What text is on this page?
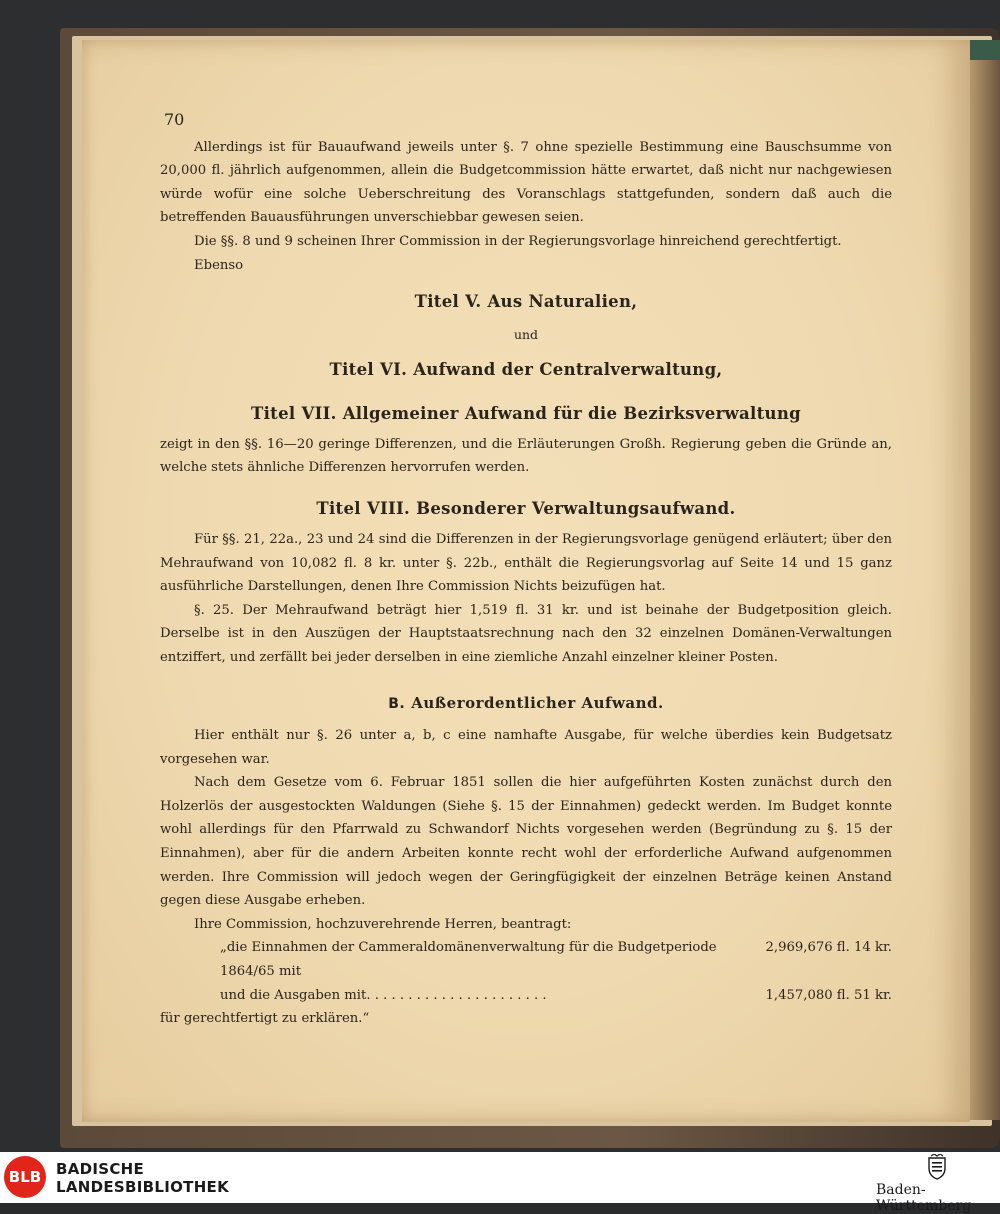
70

Allerdings ist für Bauaufwand jeweils unter §. 7 ohne spezielle Bestimmung eine Bauschsumme von 20,000 fl. jährlich aufgenommen, allein die Budgetcommission hätte erwartet, daß nicht nur nachgewiesen würde wofür eine solche Ueberschreitung des Voranschlags stattgefunden, sondern daß auch die betreffenden Bauausführungen unverschiebbar gewesen seien.

Die §§. 8 und 9 scheinen Ihrer Commission in der Regierungsvorlage hinreichend gerechtfertigt.

Ebenso

Titel V. Aus Naturalien,
und
Titel VI. Aufwand der Centralverwaltung,
Titel VII. Allgemeiner Aufwand für die Bezirksverwaltung

zeigt in den §§. 16—20 geringe Differenzen, und die Erläuterungen Großh. Regierung geben die Gründe an, welche stets ähnliche Differenzen hervorrufen werden.

Titel VIII. Besonderer Verwaltungsaufwand.

Für §§. 21, 22a., 23 und 24 sind die Differenzen in der Regierungsvorlage genügend erläutert; über den Mehraufwand von 10,082 fl. 8 kr. unter §. 22b., enthält die Regierungsvorlag auf Seite 14 und 15 ganz ausführliche Darstellungen, denen Ihre Commission Nichts beizufügen hat.

§. 25. Der Mehraufwand beträgt hier 1,519 fl. 31 kr. und ist beinahe der Budgetposition gleich. Derselbe ist in den Auszügen der Hauptstaatsrechnung nach den 32 einzelnen Domänen-Verwaltungen entziffert, und zerfällt bei jeder derselben in eine ziemliche Anzahl einzelner kleiner Posten.

B. Außerordentlicher Aufwand.

Hier enthält nur §. 26 unter a, b, c eine namhafte Ausgabe, für welche überdies kein Budgetsatz vorgesehen war.

Nach dem Gesetze vom 6. Februar 1851 sollen die hier aufgeführten Kosten zunächst durch den Holzerlös der ausgestockten Waldungen (Siehe §. 15 der Einnahmen) gedeckt werden. Im Budget konnte wohl allerdings für den Pfarrwald zu Schwandorf Nichts vorgesehen werden (Begründung zu §. 15 der Einnahmen), aber für die andern Arbeiten konnte recht wohl der erforderliche Aufwand aufgenommen werden. Ihre Commission will jedoch wegen der Geringfügigkeit der einzelnen Beträge keinen Anstand gegen diese Ausgabe erheben.

Ihre Commission, hochzuverehrende Herren, beantragt:

„die Einnahmen der Cammeraldomänenverwaltung für die Budgetperiode 1864/65 mit
2,969,676 fl. 14 kr.
und die Ausgaben mit. . . . . . . . . . . . . . . . . . . . . .	1,457,080 fl. 51 kr.

für gerechtfertigt zu erklären.“

BLB BADISCHE
LANDESBIBLIOTHEK	Baden-Württemberg
